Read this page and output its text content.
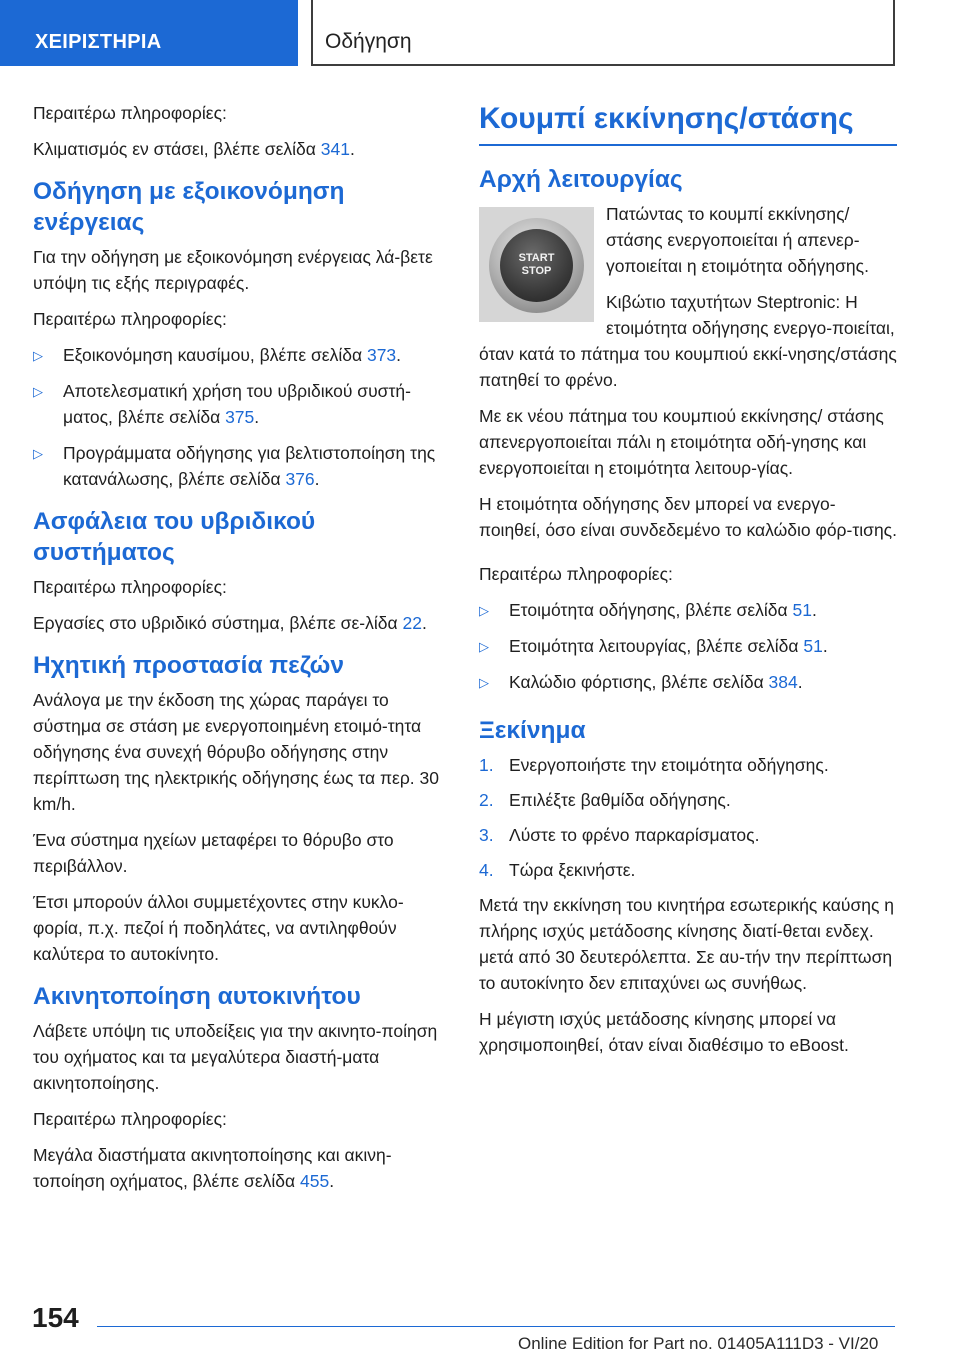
ΧΕΙΡΙΣΤΗΡΙΑ	Οδήγηση

Περαιτέρω πληροφορίες:

Κλιματισμός εν στάσει, βλέπε σελίδα 341.

Οδήγηση με εξοικονόμηση ενέργειας

Για την οδήγηση με εξοικονόμηση ενέργειας λά-βετε υπόψη τις εξής περιγραφές.

Περαιτέρω πληροφορίες:

▷ Εξοικονόμηση καυσίμου, βλέπε σελίδα 373.
▷ Αποτελεσματική χρήση του υβριδικού συστή-ματος, βλέπε σελίδα 375.
▷ Προγράμματα οδήγησης για βελτιστοποίηση της κατανάλωσης, βλέπε σελίδα 376.
Ασφάλεια του υβριδικού συστήματος

Περαιτέρω πληροφορίες:

Εργασίες στο υβριδικό σύστημα, βλέπε σε-λίδα 22.

Ηχητική προστασία πεζών

Ανάλογα με την έκδοση της χώρας παράγει το σύστημα σε στάση με ενεργοποιημένη ετοιμό-τητα οδήγησης ένα συνεχή θόρυβο οδήγησης στην περίπτωση της ηλεκτρικής οδήγησης έως τα περ. 30 km/h.

Ένα σύστημα ηχείων μεταφέρει το θόρυβο στο περιβάλλον.

Έτσι μπορούν άλλοι συμμετέχοντες στην κυκλο-φορία, π.χ. πεζοί ή ποδηλάτες, να αντιληφθούν καλύτερα το αυτοκίνητο.

Ακινητοποίηση αυτοκινήτου

Λάβετε υπόψη τις υποδείξεις για την ακινητο-ποίηση του οχήματος και τα μεγαλύτερα διαστή-ματα ακινητοποίησης.

Περαιτέρω πληροφορίες:

Μεγάλα διαστήματα ακινητοποίησης και ακινη-τοποίηση οχήματος, βλέπε σελίδα 455.

Κουμπί εκκίνησης/στάσης
Αρχή λειτουργίας
START
STOP

Πατώντας το κουμπί εκκίνησης/στάσης ενεργοποιείται ή απενερ-γοποιείται η ετοιμότητα οδήγησης.

Κιβώτιο ταχυτήτων Steptronic: Η ετοιμότητα οδήγησης ενεργο-ποιείται, όταν κατά το πάτημα του κουμπιού εκκί-νησης/στάσης πατηθεί το φρένο.

Με εκ νέου πάτημα του κουμπιού εκκίνησης/ στάσης απενεργοποιείται πάλι η ετοιμότητα οδή-γησης και ενεργοποιείται η ετοιμότητα λειτουρ-γίας.

Η ετοιμότητα οδήγησης δεν μπορεί να ενεργο-ποιηθεί, όσο είναι συνδεδεμένο το καλώδιο φόρ-τισης.

Περαιτέρω πληροφορίες:

▷ Ετοιμότητα οδήγησης, βλέπε σελίδα 51.
▷ Ετοιμότητα λειτουργίας, βλέπε σελίδα 51.
▷ Καλώδιο φόρτισης, βλέπε σελίδα 384.
Ξεκίνημα
1. Ενεργοποιήστε την ετοιμότητα οδήγησης.
2. Επιλέξτε βαθμίδα οδήγησης.
3. Λύστε το φρένο παρκαρίσματος.
4. Τώρα ξεκινήστε.

Μετά την εκκίνηση του κινητήρα εσωτερικής καύσης η πλήρης ισχύς μετάδοσης κίνησης διατί-θεται ενδεχ. μετά από 30 δευτερόλεπτα. Σε αυ-τήν την περίπτωση το αυτοκίνητο δεν επιταχύνει ως συνήθως.

Η μέγιστη ισχύς μετάδοσης κίνησης μπορεί να χρησιμοποιηθεί, όταν είναι διαθέσιμο το eBoost.

154
Online Edition for Part no. 01405A111D3 - VI/20
